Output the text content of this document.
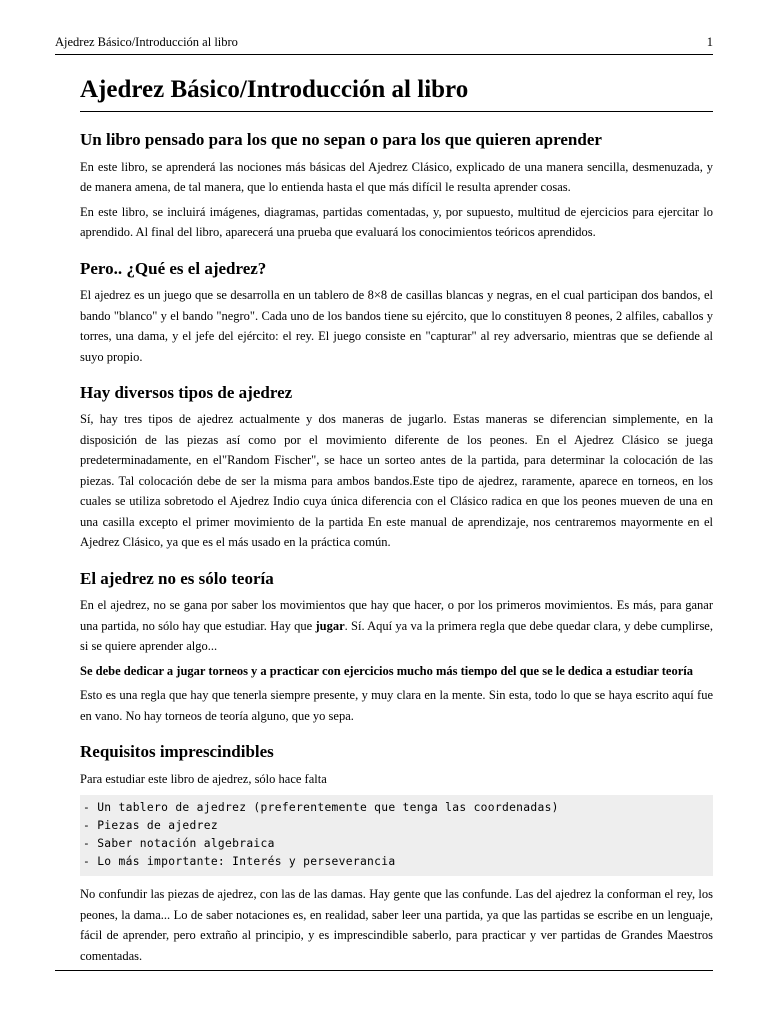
Ajedrez Básico/Introducción al libro	1
Ajedrez Básico/Introducción al libro
Un libro pensado para los que no sepan o para los que quieren aprender

En este libro, se aprenderá las nociones más básicas del Ajedrez Clásico, explicado de una manera sencilla, desmenuzada, y de manera amena, de tal manera, que lo entienda hasta el que más difícil le resulta aprender cosas.

En este libro, se incluirá imágenes, diagramas, partidas comentadas, y, por supuesto, multitud de ejercicios para ejercitar lo aprendido. Al final del libro, aparecerá una prueba que evaluará los conocimientos teóricos aprendidos.

Pero.. ¿Qué es el ajedrez?

El ajedrez es un juego que se desarrolla en un tablero de 8×8 de casillas blancas y negras, en el cual participan dos bandos, el bando "blanco" y el bando "negro". Cada uno de los bandos tiene su ejército, que lo constituyen 8 peones, 2 alfiles, caballos y torres, una dama, y el jefe del ejército: el rey. El juego consiste en "capturar" al rey adversario, mientras que se defiende al suyo propio.

Hay diversos tipos de ajedrez

Sí, hay tres tipos de ajedrez actualmente y dos maneras de jugarlo. Estas maneras se diferencian simplemente, en la disposición de las piezas así como por el movimiento diferente de los peones. En el Ajedrez Clásico se juega predeterminadamente, en el"Random Fischer", se hace un sorteo antes de la partida, para determinar la colocación de las piezas. Tal colocación debe de ser la misma para ambos bandos.Este tipo de ajedrez, raramente, aparece en torneos, en los cuales se utiliza sobretodo el Ajedrez Indio cuya única diferencia con el Clásico radica en que los peones mueven de una en una casilla excepto el primer movimiento de la partida En este manual de aprendizaje, nos centraremos mayormente en el Ajedrez Clásico, ya que es el más usado en la práctica común.

El ajedrez no es sólo teoría

En el ajedrez, no se gana por saber los movimientos que hay que hacer, o por los primeros movimientos. Es más, para ganar una partida, no sólo hay que estudiar. Hay que jugar. Sí. Aquí ya va la primera regla que debe quedar clara, y debe cumplirse, si se quiere aprender algo...

Se debe dedicar a jugar torneos y a practicar con ejercicios mucho más tiempo del que se le dedica a estudiar teoría

Esto es una regla que hay que tenerla siempre presente, y muy clara en la mente. Sin esta, todo lo que se haya escrito aquí fue en vano. No hay torneos de teoría alguno, que yo sepa.

Requisitos imprescindibles

Para estudiar este libro de ajedrez, sólo hace falta

- Un tablero de ajedrez (preferentemente que tenga las coordenadas)
- Piezas de ajedrez
- Saber notación algebraica
- Lo más importante: Interés y perseverancia

No confundir las piezas de ajedrez, con las de las damas. Hay gente que las confunde. Las del ajedrez la conforman el rey, los peones, la dama... Lo de saber notaciones es, en realidad, saber leer una partida, ya que las partidas se escribe en un lenguaje, fácil de aprender, pero extraño al principio, y es imprescindible saberlo, para practicar y ver partidas de Grandes Maestros comentadas.
